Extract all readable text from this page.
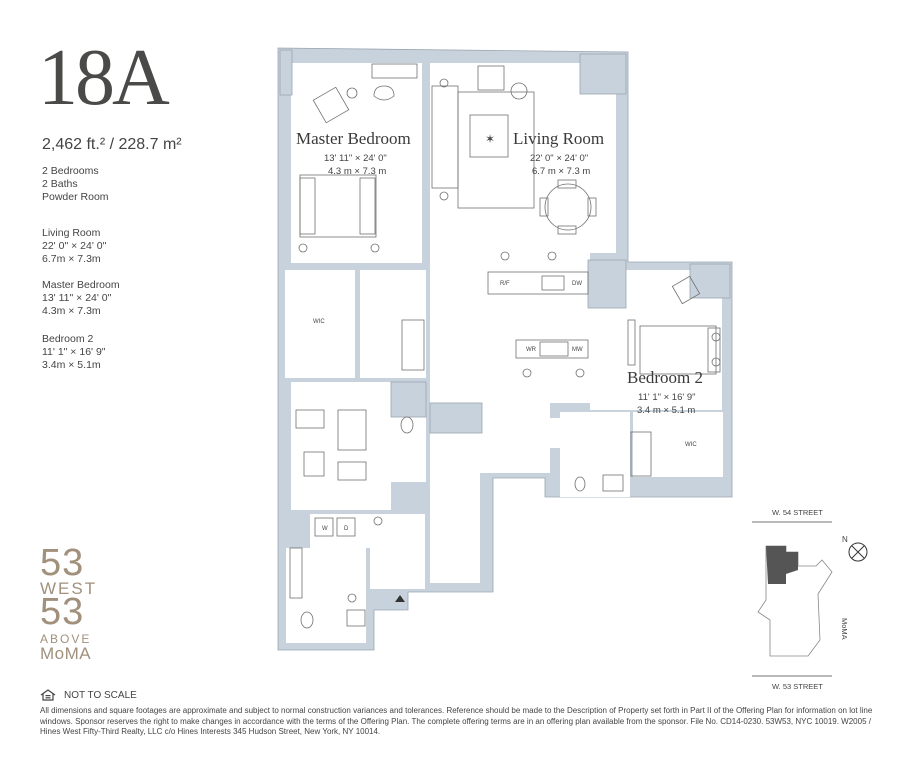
18A
2,462 ft.² / 228.7 m²
2 Bedrooms
2 Baths
Powder Room
Living Room
22' 0" × 24' 0"
6.7m × 7.3m
Master Bedroom
13' 11" × 24' 0"
4.3m × 7.3m
Bedroom 2
11' 1" × 16' 9"
3.4m × 5.1m
53
WEST
53
ABOVE
MoMA
NOT TO SCALE
All dimensions and square footages are approximate and subject to normal construction variances and tolerances. Reference should be made to the Description of Property set forth in Part II of the Offering Plan for information on lot line windows. Sponsor reserves the right to make changes in accordance with the terms of the Offering Plan. The complete offering terms are in an offering plan available from the sponsor. File No. CD14-0230. 53W53, NYC 10019. W2005 / Hines West Fifty-Third Realty, LLC c/o Hines Interests 345 Hudson Street, New York, NY 10014.
✶
Master Bedroom
13' 11" × 24' 0"
4.3 m × 7.3 m
Living Room
22' 0" × 24' 0"
6.7 m × 7.3 m
Bedroom 2
11' 1" × 16' 9"
3.4 m × 5.1 m
WIC
WIC
R/F	DW
WR	MW
W	D
W. 54 STREET
W. 53 STREET
MoMA
N
